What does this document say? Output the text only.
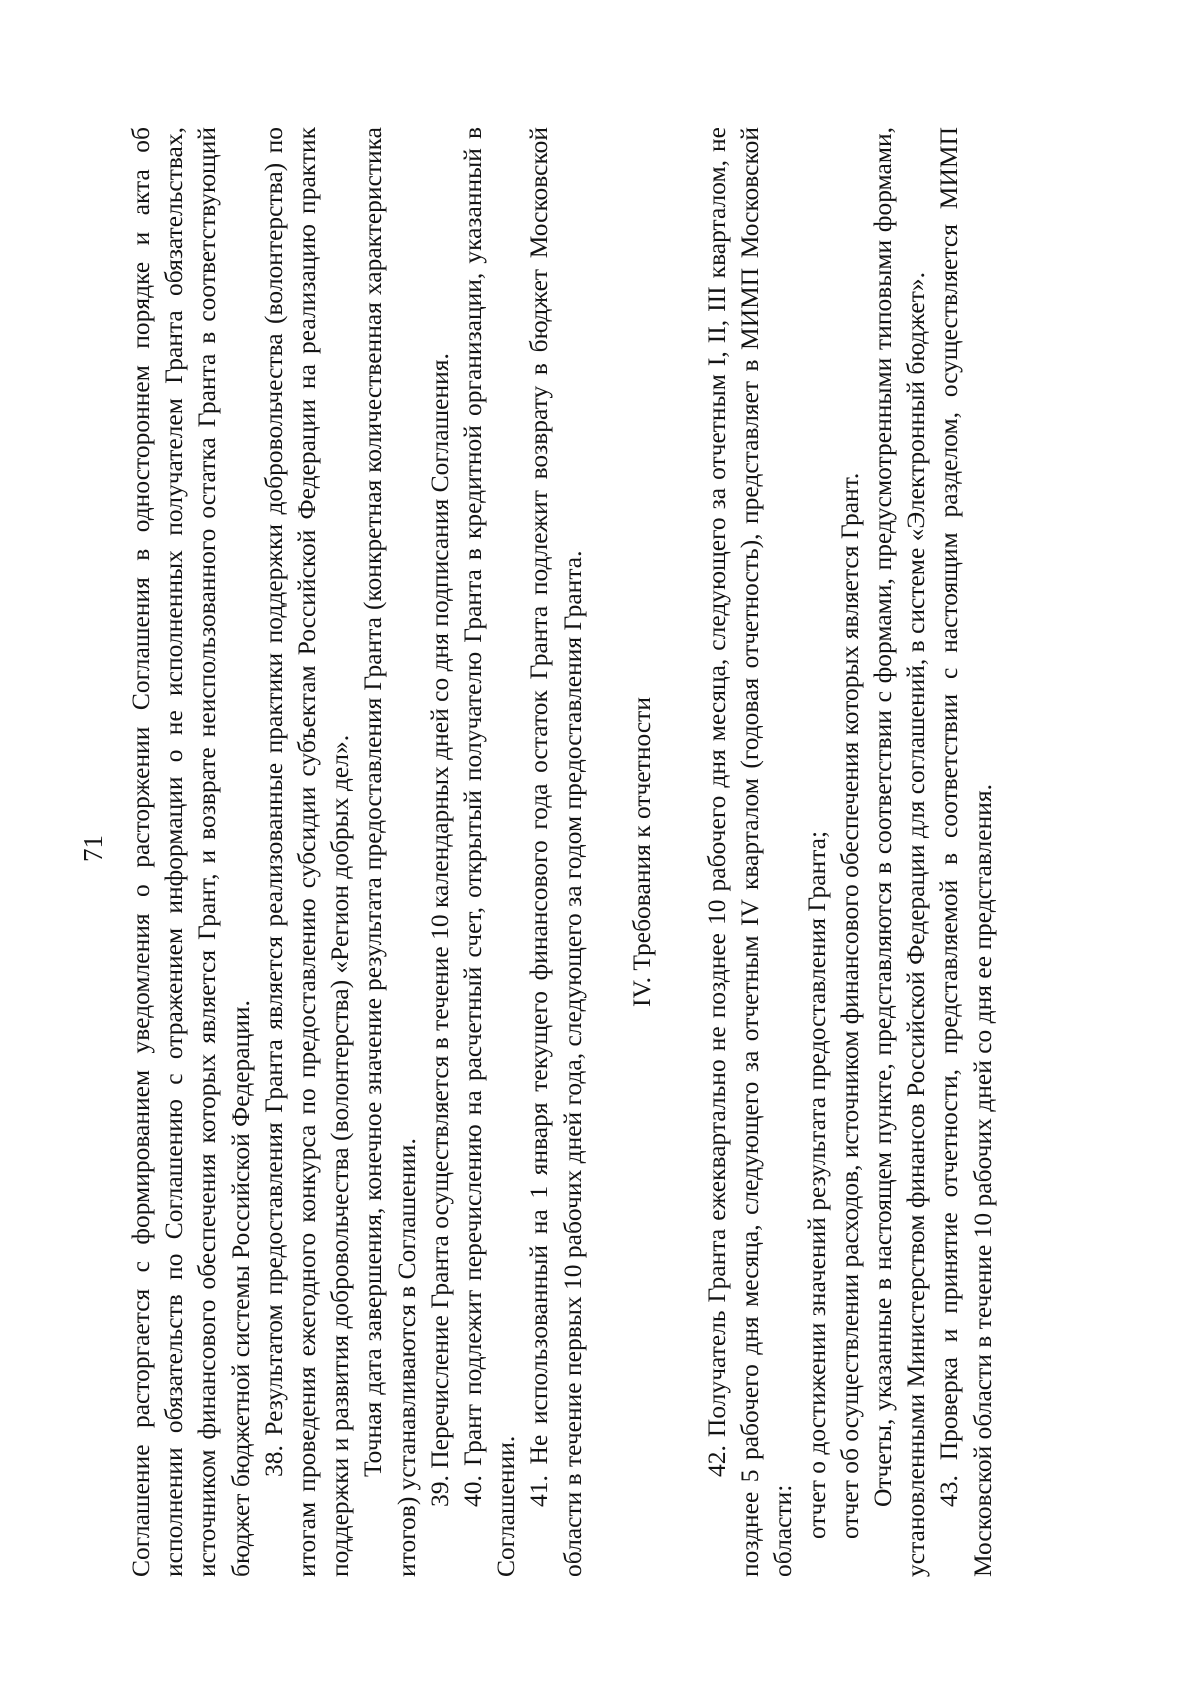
71 Соглашение расторгается с формированием уведомления о расторжении Соглашения в одностороннем порядке и акта об исполнении обязательств по Соглашению с отражением информации о не исполненных получателем Гранта обязательствах, источником финансового обеспечения которых является Грант, и возврате неиспользованного остатка Гранта в соответствующий бюджет бюджетной системы Российской Федерации. 38. Результатом предоставления Гранта является реализованные практики поддержки добровольчества (волонтерства) по итогам проведения ежегодного конкурса по предоставлению субсидии субъектам Российской Федерации на реализацию практик поддержки и развития добровольчества (волонтерства) «Регион добрых дел». Точная дата завершения, конечное значение результата предоставления Гранта (конкретная количественная характеристика итогов) устанавливаются в Соглашении. 39. Перечисление Гранта осуществляется в течение 10 календарных дней со дня подписания Соглашения. 40. Грант подлежит перечислению на расчетный счет, открытый получателю Гранта в кредитной организации, указанный в Соглашении. 41. Не использованный на 1 января текущего финансового года остаток Гранта подлежит возврату в бюджет Московской области в течение первых 10 рабочих дней года, следующего за годом предоставления Гранта. IV. Требования к отчетности 42. Получатель Гранта ежеквартально не позднее 10 рабочего дня месяца, следующего за отчетным I, II, III кварталом, не позднее 5 рабочего дня месяца, следующего за отчетным IV кварталом (годовая отчетность), представляет в МИМП Московской области: отчет о достижении значений результата предоставления Гранта; отчет об осуществлении расходов, источником финансового обеспечения которых является Грант. Отчеты, указанные в настоящем пункте, представляются в соответствии с формами, предусмотренными типовыми формами, установленными Министерством финансов Российской Федерации для соглашений, в системе «Электронный бюджет». 43. Проверка и принятие отчетности, представляемой в соответствии с настоящим разделом, осуществляется МИМП Московской области в течение 10 рабочих дней со дня ее представления.
